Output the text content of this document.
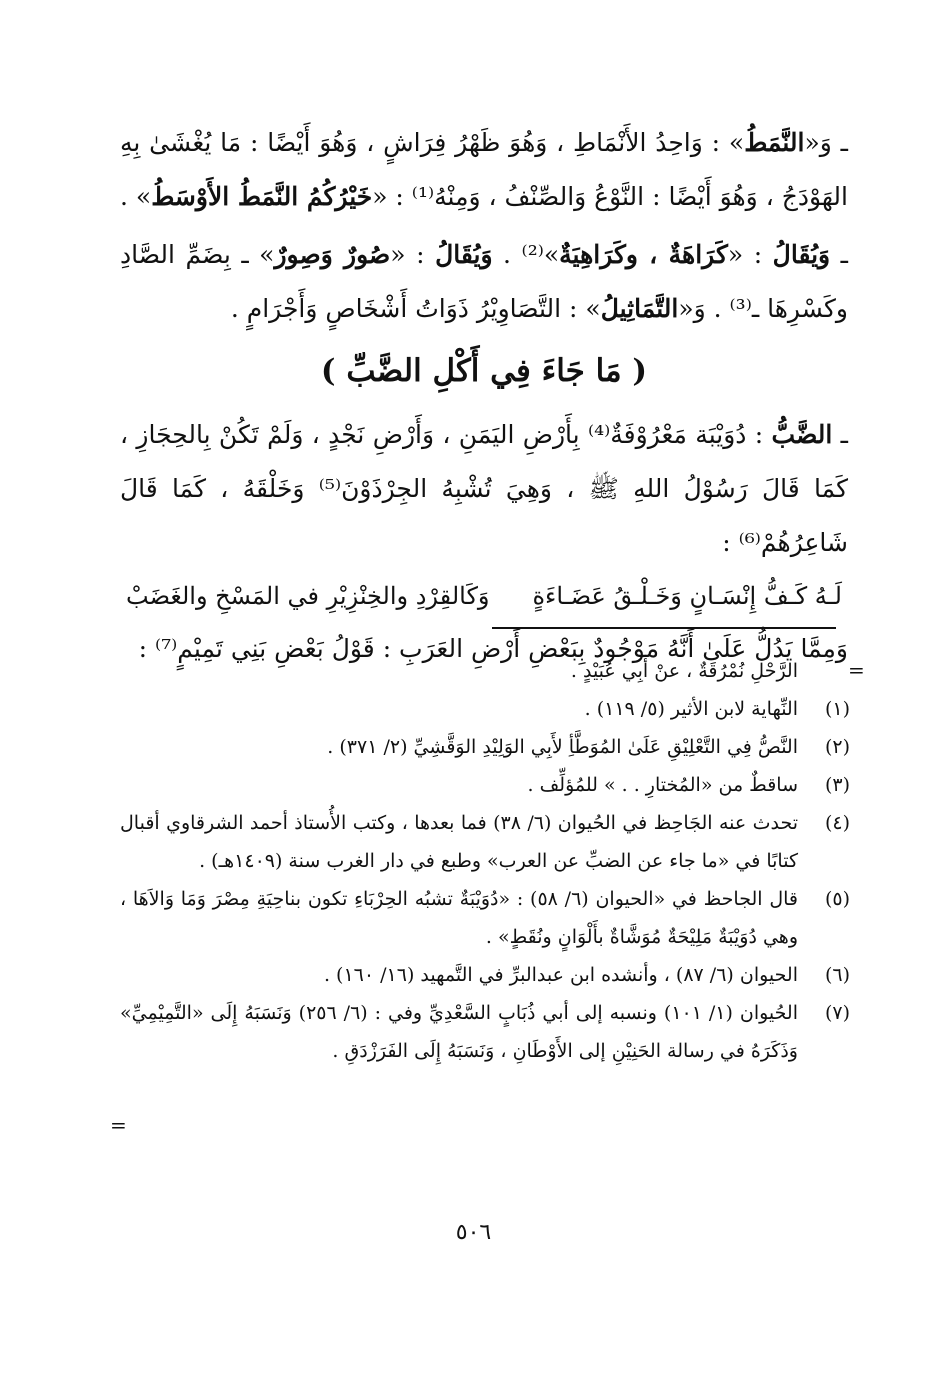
ـ وَ«النَّمَطُ» : وَاحِدُ الأَنْمَاطِ ، وَهُوَ ظَهْرُ فِرَاشٍ ، وَهُوَ أَيْضًا : مَا يُغْشَىٰ بِهِ الهَوْدَجُ ، وَهُوَ أَيْضًا : النَّوْعُ وَالصِّنْفُ ، وَمِنْهُ⁽¹⁾ : «خَيْرُكُمُ النَّمَطُ الأَوْسَطُ» .

ـ وَيُقَالُ : «كَرَاهَةٌ ، وكَرَاهِيَةٌ»⁽²⁾ . وَيُقَالُ : «صُورٌ وَصِورٌ» ـ بِضَمِّ الصَّادِ وكَسْرِهَا ـ⁽³⁾ . وَ«التَّمَاثِيلُ» : التَّصَاوِيْرُ ذَوَاتُ أَشْخَاصٍ وَأَجْرَامٍ .

( مَا جَاءَ فِي أَكْلِ الضَّبِّ )

ـ الضَّبُّ : دُوَيْبَة مَعْرُوْفَةٌ⁽⁴⁾ بِأَرْضِ اليَمَنِ ، وَأَرْضِ نَجْدٍ ، وَلَمْ تَكُنْ بِالحِجَازِ ، كَمَا قَالَ رَسُوْلُ اللهِ ﷺ ، وَهِيَ تُشْبِهُ الجِرْذَوْنَ⁽⁵⁾ وَخَلْقَهُ ، كَمَا قَالَ شَاعِرُهُمْ⁽⁶⁾ :

لَـهُ كَـفُّ إِنْسَـانٍ وَخَـلْـقُ عَضَـاءَةٍ
وَكَالقِرْدِ والخِنْزِيْرِ في المَسْخِ والغَضَبْ

وَمِمَّا يَدُلُّ عَلَىٰ أَنَّهُ مَوْجُودٌ بِبَعْضِ أَرْضِ العَرَبِ : قَوْلُ بَعْضِ بَنِي تَمِيْمٍ⁽⁷⁾ :

=
الرَّحْلِ نُمْرُقَةٌ ، عنْ أَبِي عُبَيْدٍ .
(١)
النِّهاية لابن الأثير (٥/ ١١٩) .
(٢)
النَّصُّ فِي التَّعْلِيْقِ عَلَىٰ المُوَطَّأِ لأَبِي الوَلِيْدِ الوَقَّشِيِّ (٢/ ٣٧١) .
(٣)
ساقطٌ من «المُختارِ . . » للمُؤلِّف .
(٤)
تحدث عنه الجَاحِظ في الحُيوان (٦/ ٣٨) فما بعدها ، وكتب الأُستاذ أحمد الشرقاوي أقبال كتابًا في «ما جاء عن الضبِّ عن العرب» وطبع في دار الغرب سنة (١٤٠٩هـ) .
(٥)
قال الجاحظ في «الحيوان (٦/ ٥٨) : «دُوَيْبَةٌ تشبُه الحِرْبَاءِ تكون بناحِيَةِ مِصْرَ وَمَا وَالاَهَا ، وهي دُوَيْبَةٌ مَلِيْحَةٌ مُوَشَّاةٌ بأَلْوَانٍ ونُقَطٍ» .
(٦)
الحيوان (٦/ ٨٧) ، وأنشده ابن عبدالبرِّ في التَّمهيد (١٦/ ١٦٠) .
(٧)
الحُيوان (١/ ١٠١) ونسبه إلى أبي ذُبَابٍ السَّعْدِيِّ وفي : (٦/ ٢٥٦) وَنَسَبَهُ إِلَى «التَّمِيْمِيِّ» وَذَكَرَهُ في رسالة الحَنِيْنِ إلى الأَوْطَانِ ، وَنَسَبَهُ إِلَى الفَرَزْدَقِ .
=
٥٠٦
